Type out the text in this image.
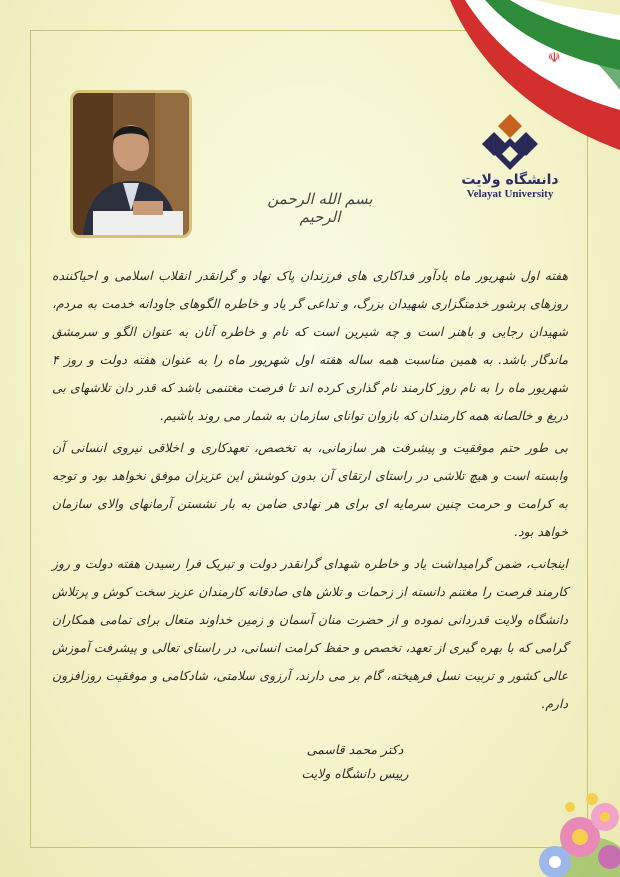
☫
دانشگاه ولایت
Velayat University
بسم الله الرحمن الرحیم

هفته اول شهریور ماه یادآور فداکاری های فرزندان پاک نهاد و گرانقدر انقلاب اسلامی و احیاکننده روزهای پرشور خدمتگزاری شهیدان بزرگ، و تداعی گر یاد و خاطره الگوهای جاودانه خدمت به مردم، شهیدان رجایی و باهنر است و چه شیرین است که نام و خاطره آنان به عنوان الگو و سرمشق ماندگار باشد. به همین مناسبت همه ساله هفته اول شهریور ماه را به عنوان هفته دولت و روز ۴ شهریور ماه را به نام روز کارمند نام گذاری کرده اند تا فرصت مغتنمی باشد که قدر دان تلاشهای بی دریغ و خالصانه همه کارمندان که بازوان توانای سازمان به شمار می روند باشیم.

بی طور حتم موفقیت و پیشرفت هر سازمانی، به تخصص، تعهدکاری و اخلاقی نیروی انسانی آن وابسته است و هیچ تلاشی در راستای ارتقای آن بدون کوشش این عزیزان موفق نخواهد بود و توجه به کرامت و حرمت چنین سرمایه ای برای هر نهادی ضامن به بار نشستن آرمانهای والای سازمان خواهد بود.

اینجانب، ضمن گرامیداشت یاد و خاطره شهدای گرانقدر دولت و تبریک فرا رسیدن هفته دولت و روز کارمند فرصت را مغتنم دانسته از زحمات و تلاش های صادقانه کارمندان عزیز سخت کوش و پرتلاش دانشگاه ولایت قدردانی نموده و از حضرت منان آسمان و زمین خداوند متعال برای تمامی همکاران گرامی که با بهره گیری از تعهد، تخصص و حفظ کرامت انسانی، در راستای تعالی و پیشرفت آموزش عالی کشور و تربیت نسل فرهیخته، گام بر می دارند، آرزوی سلامتی، شادکامی و موفقیت روزافزون دارم.

دکتر محمد قاسمی
رییس دانشگاه ولایت
